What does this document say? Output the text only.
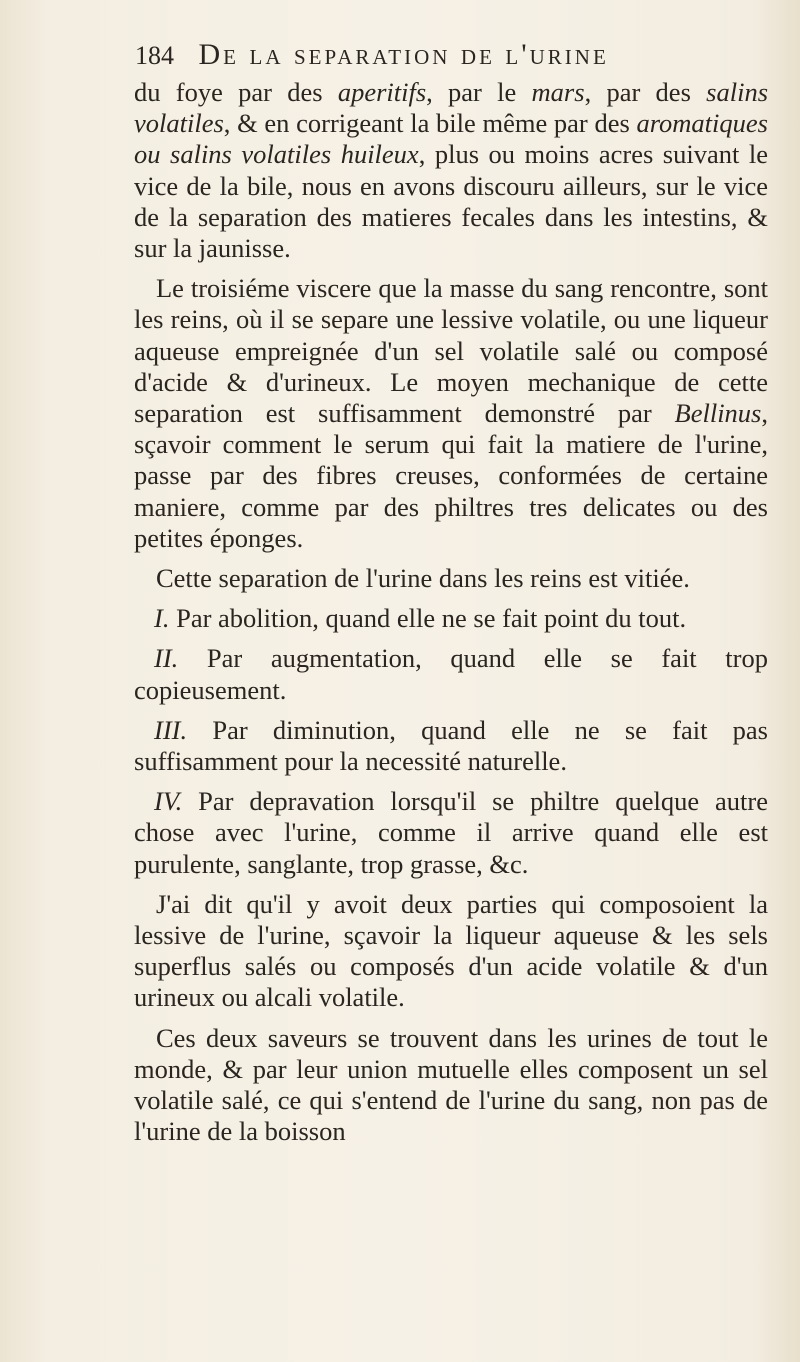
184 De la separation de l'urine

du foye par des aperitifs, par le mars, par des salins volatiles, & en corrigeant la bile même par des aromatiques ou salins volatiles huileux, plus ou moins acres suivant le vice de la bile, nous en avons discouru ailleurs, sur le vice de la separation des matieres fecales dans les intestins, & sur la jaunisse.

Le troisiéme viscere que la masse du sang rencontre, sont les reins, où il se separe une lessive volatile, ou une liqueur aqueuse empreignée d'un sel volatile salé ou composé d'acide & d'urineux. Le moyen mechanique de cette separation est suffisamment demonstré par Bellinus, sçavoir comment le serum qui fait la matiere de l'urine, passe par des fibres creuses, conformées de certaine maniere, comme par des philtres tres delicates ou des petites éponges.

Cette separation de l'urine dans les reins est vitiée.

I. Par abolition, quand elle ne se fait point du tout.

II. Par augmentation, quand elle se fait trop copieusement.

III. Par diminution, quand elle ne se fait pas suffisamment pour la necessité naturelle.

IV. Par depravation lorsqu'il se philtre quelque autre chose avec l'urine, comme il arrive quand elle est purulente, sanglante, trop grasse, &c.

J'ai dit qu'il y avoit deux parties qui composoient la lessive de l'urine, sçavoir la liqueur aqueuse & les sels superflus salés ou composés d'un acide volatile & d'un urineux ou alcali volatile.

Ces deux saveurs se trouvent dans les urines de tout le monde, & par leur union mutuelle elles composent un sel volatile salé, ce qui s'entend de l'urine du sang, non pas de l'urine de la boisson
